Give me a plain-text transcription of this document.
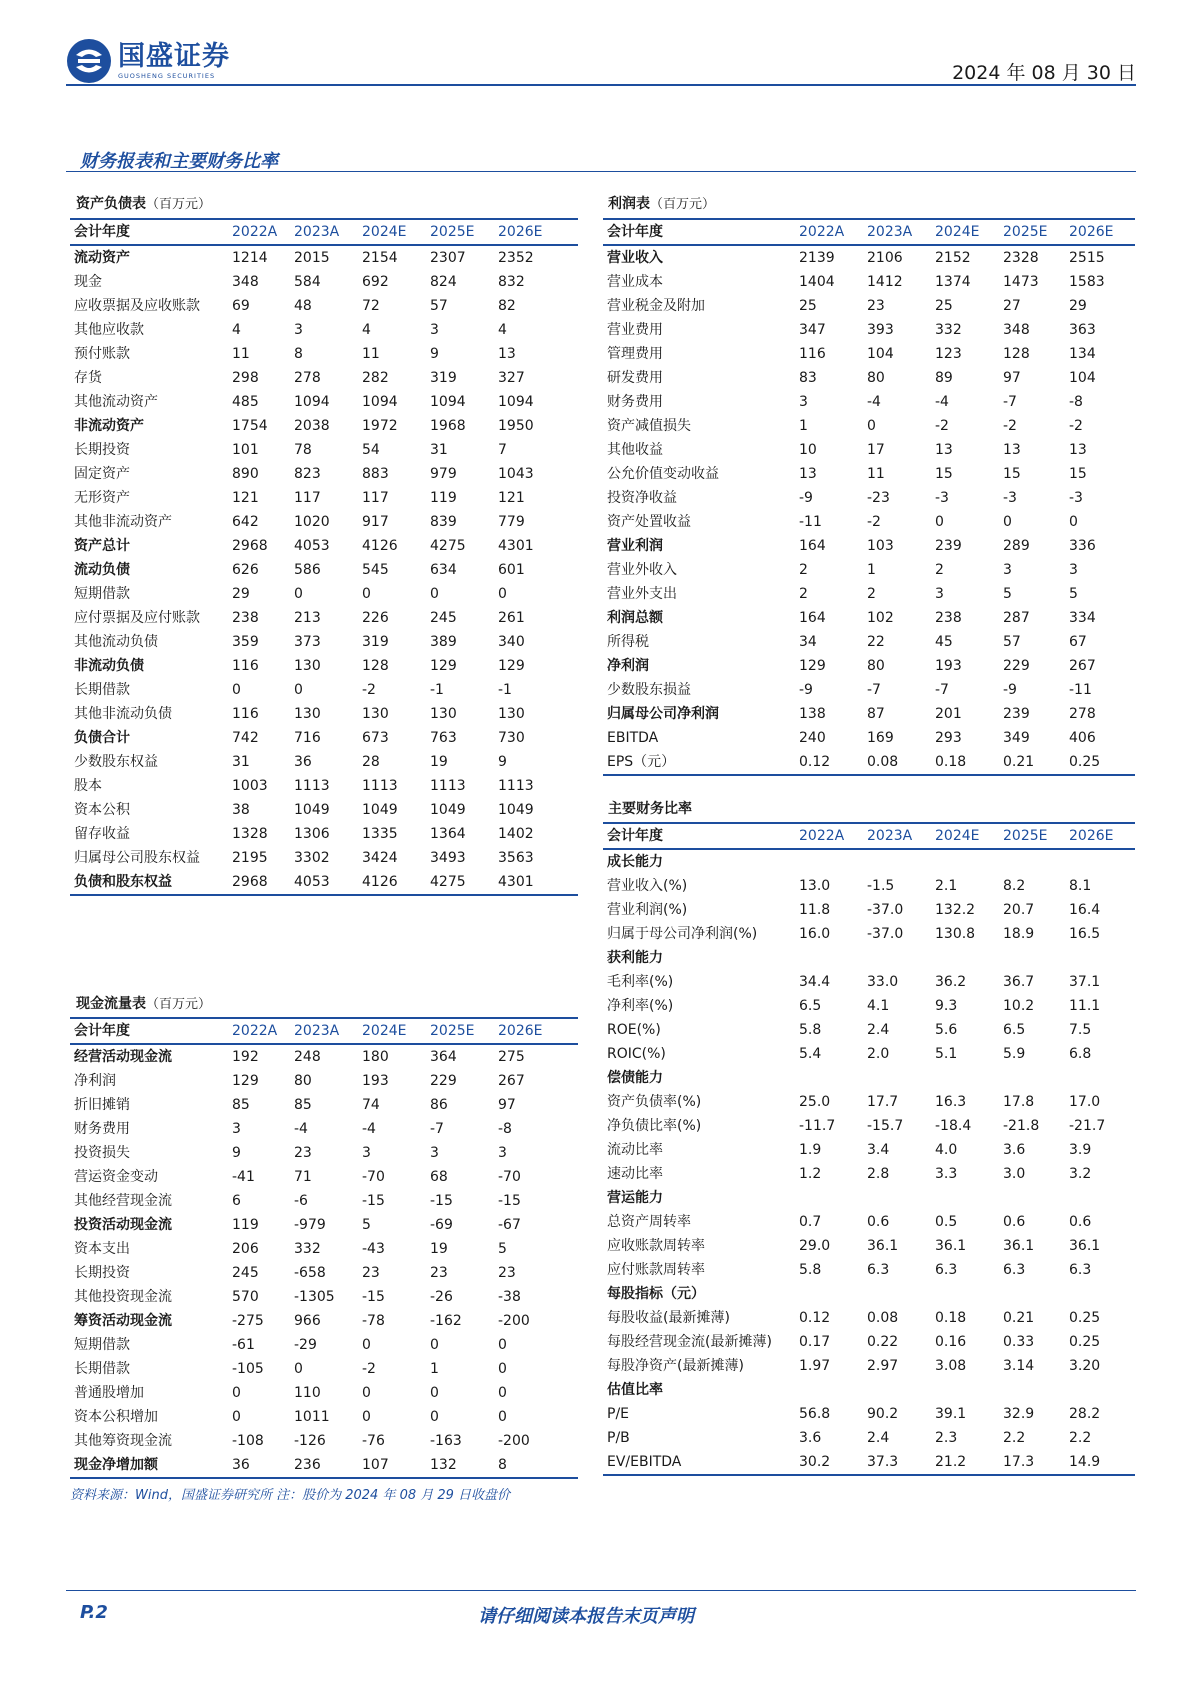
国盛证券
GUOSHENG SECURITIES	2024 年 08 月 30 日
财务报表和主要财务比率
资产负债表（百万元）
会计年度	2022A	2023A	2024E	2025E	2026E
流动资产	1214	2015	2154	2307	2352
现金	348	584	692	824	832
应收票据及应收账款	69	48	72	57	82
其他应收款	4	3	4	3	4
预付账款	11	8	11	9	13
存货	298	278	282	319	327
其他流动资产	485	1094	1094	1094	1094
非流动资产	1754	2038	1972	1968	1950
长期投资	101	78	54	31	7
固定资产	890	823	883	979	1043
无形资产	121	117	117	119	121
其他非流动资产	642	1020	917	839	779
资产总计	2968	4053	4126	4275	4301
流动负债	626	586	545	634	601
短期借款	29	0	0	0	0
应付票据及应付账款	238	213	226	245	261
其他流动负债	359	373	319	389	340
非流动负债	116	130	128	129	129
长期借款	0	0	-2	-1	-1
其他非流动负债	116	130	130	130	130
负债合计	742	716	673	763	730
少数股东权益	31	36	28	19	9
股本	1003	1113	1113	1113	1113
资本公积	38	1049	1049	1049	1049
留存收益	1328	1306	1335	1364	1402
归属母公司股东权益	2195	3302	3424	3493	3563
负债和股东权益	2968	4053	4126	4275	4301
现金流量表（百万元）
会计年度	2022A	2023A	2024E	2025E	2026E
经营活动现金流	192	248	180	364	275
净利润	129	80	193	229	267
折旧摊销	85	85	74	86	97
财务费用	3	-4	-4	-7	-8
投资损失	9	23	3	3	3
营运资金变动	-41	71	-70	68	-70
其他经营现金流	6	-6	-15	-15	-15
投资活动现金流	119	-979	5	-69	-67
资本支出	206	332	-43	19	5
长期投资	245	-658	23	23	23
其他投资现金流	570	-1305	-15	-26	-38
筹资活动现金流	-275	966	-78	-162	-200
短期借款	-61	-29	0	0	0
长期借款	-105	0	-2	1	0
普通股增加	0	110	0	0	0
资本公积增加	0	1011	0	0	0
其他筹资现金流	-108	-126	-76	-163	-200
现金净增加额	36	236	107	132	8
利润表（百万元）
会计年度	2022A	2023A	2024E	2025E	2026E
营业收入	2139	2106	2152	2328	2515
营业成本	1404	1412	1374	1473	1583
营业税金及附加	25	23	25	27	29
营业费用	347	393	332	348	363
管理费用	116	104	123	128	134
研发费用	83	80	89	97	104
财务费用	3	-4	-4	-7	-8
资产减值损失	1	0	-2	-2	-2
其他收益	10	17	13	13	13
公允价值变动收益	13	11	15	15	15
投资净收益	-9	-23	-3	-3	-3
资产处置收益	-11	-2	0	0	0
营业利润	164	103	239	289	336
营业外收入	2	1	2	3	3
营业外支出	2	2	3	5	5
利润总额	164	102	238	287	334
所得税	34	22	45	57	67
净利润	129	80	193	229	267
少数股东损益	-9	-7	-7	-9	-11
归属母公司净利润	138	87	201	239	278
EBITDA	240	169	293	349	406
EPS（元）	0.12	0.08	0.18	0.21	0.25
主要财务比率
会计年度	2022A	2023A	2024E	2025E	2026E
成长能力					
营业收入(%)	13.0	-1.5	2.1	8.2	8.1
营业利润(%)	11.8	-37.0	132.2	20.7	16.4
归属于母公司净利润(%)	16.0	-37.0	130.8	18.9	16.5
获利能力					
毛利率(%)	34.4	33.0	36.2	36.7	37.1
净利率(%)	6.5	4.1	9.3	10.2	11.1
ROE(%)	5.8	2.4	5.6	6.5	7.5
ROIC(%)	5.4	2.0	5.1	5.9	6.8
偿债能力					
资产负债率(%)	25.0	17.7	16.3	17.8	17.0
净负债比率(%)	-11.7	-15.7	-18.4	-21.8	-21.7
流动比率	1.9	3.4	4.0	3.6	3.9
速动比率	1.2	2.8	3.3	3.0	3.2
营运能力					
总资产周转率	0.7	0.6	0.5	0.6	0.6
应收账款周转率	29.0	36.1	36.1	36.1	36.1
应付账款周转率	5.8	6.3	6.3	6.3	6.3
每股指标（元）					
每股收益(最新摊薄)	0.12	0.08	0.18	0.21	0.25
每股经营现金流(最新摊薄)	0.17	0.22	0.16	0.33	0.25
每股净资产(最新摊薄)	1.97	2.97	3.08	3.14	3.20
估值比率					
P/E	56.8	90.2	39.1	32.9	28.2
P/B	3.6	2.4	2.3	2.2	2.2
EV/EBITDA	30.2	37.3	21.2	17.3	14.9
资料来源：Wind，国盛证券研究所 注：股价为 2024 年 08 月 29 日收盘价
P.2	请仔细阅读本报告末页声明
